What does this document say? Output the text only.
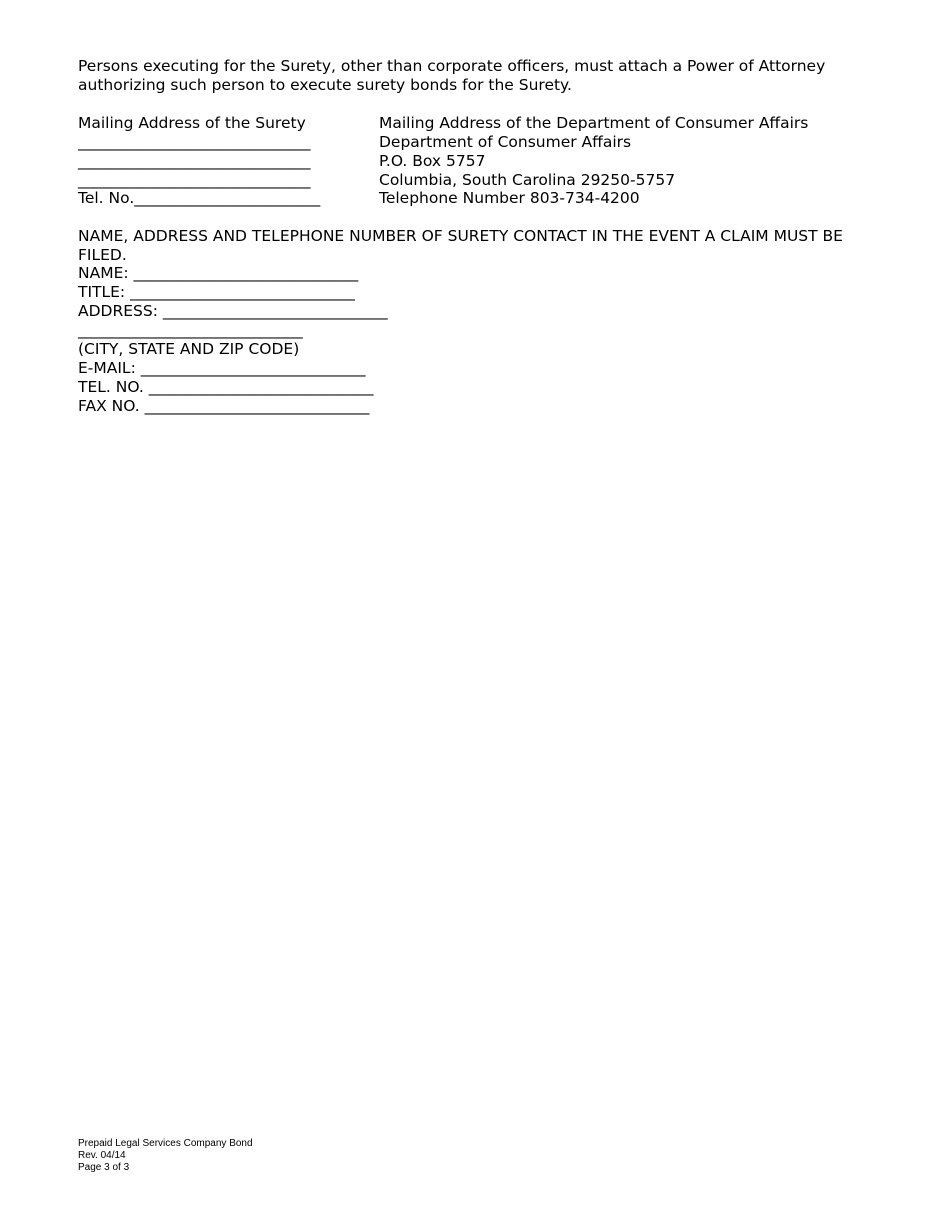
Persons executing for the Surety, other than corporate officers, must attach a Power of Attorney
authorizing such person to execute surety bonds for the Surety.
Mailing Address of the Surety
______________________________
______________________________
______________________________
Tel. No.________________________
Mailing Address of the Department of Consumer Affairs
Department of Consumer Affairs
P.O. Box 5757
Columbia, South Carolina 29250-5757
Telephone Number 803-734-4200
NAME, ADDRESS AND TELEPHONE NUMBER OF SURETY CONTACT IN THE EVENT A CLAIM MUST BE
FILED.
NAME: _____________________________
TITLE: _____________________________
ADDRESS: _____________________________
_____________________________
(CITY, STATE AND ZIP CODE)
E-MAIL: _____________________________
TEL. NO. _____________________________
FAX NO. _____________________________
Prepaid Legal Services Company Bond
Rev. 04/14
Page 3 of 3
